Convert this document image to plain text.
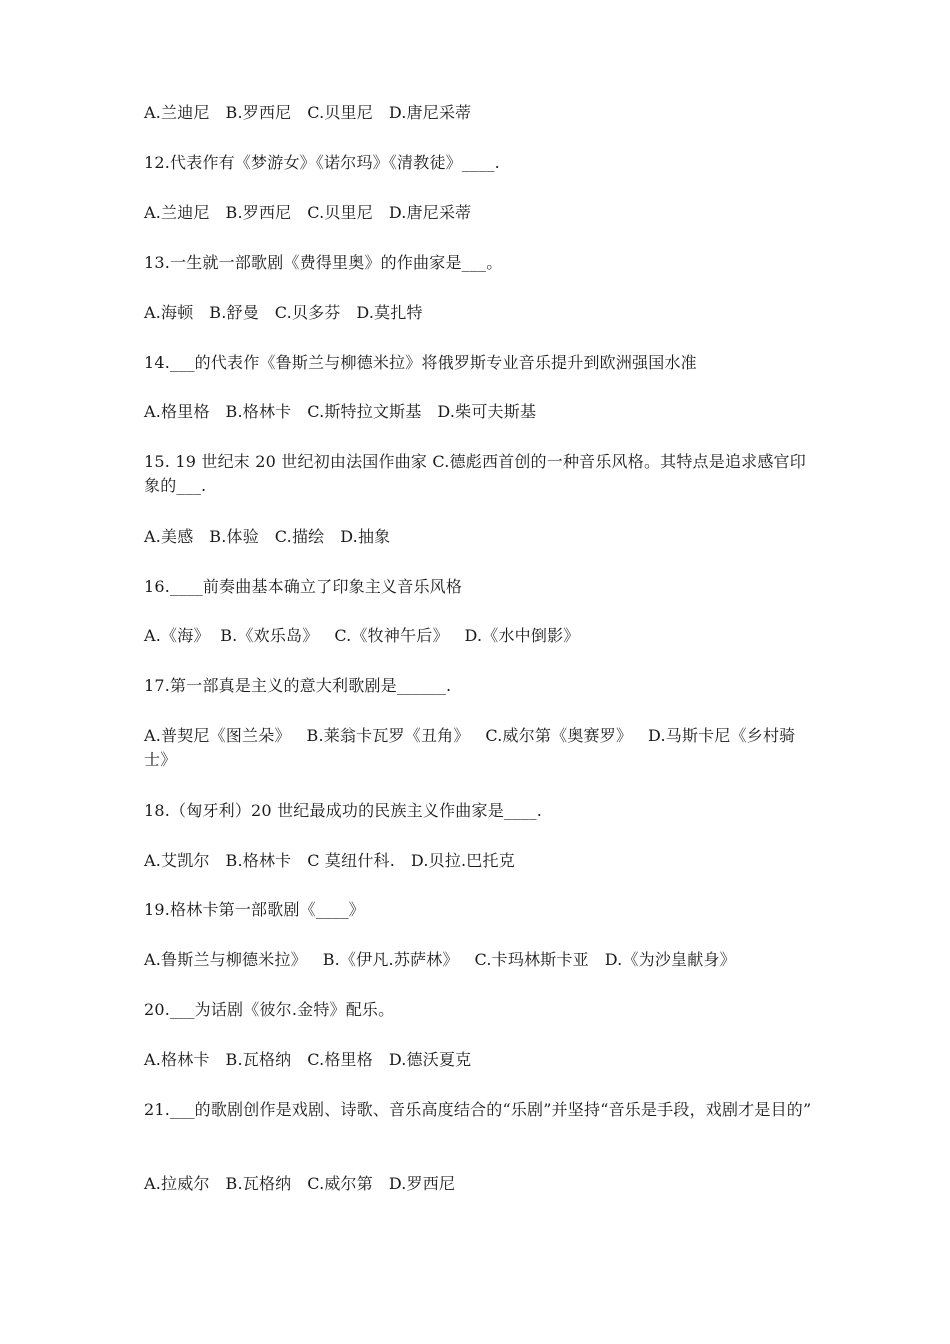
A.兰迪尼   B.罗西尼   C.贝里尼   D.唐尼采蒂
12.代表作有《梦游女》《诺尔玛》《清教徒》____.
A.兰迪尼   B.罗西尼   C.贝里尼   D.唐尼采蒂
13.一生就一部歌剧《费得里奥》的作曲家是___。
A.海顿   B.舒曼   C.贝多芬   D.莫扎特
14.___的代表作《鲁斯兰与柳德米拉》将俄罗斯专业音乐提升到欧洲强国水准
A.格里格   B.格林卡   C.斯特拉文斯基   D.柴可夫斯基
15. 19 世纪末 20 世纪初由法国作曲家 C.德彪西首创的一种音乐风格。其特点是追求感官印象的___.
A.美感   B.体验   C.描绘   D.抽象
16.____前奏曲基本确立了印象主义音乐风格
A.《海》  B.《欢乐岛》   C.《牧神午后》   D.《水中倒影》
17.第一部真是主义的意大利歌剧是______.
A.普契尼《图兰朵》   B.莱翁卡瓦罗《丑角》   C.威尔第《奥赛罗》   D.马斯卡尼《乡村骑士》
18.（匈牙利）20 世纪最成功的民族主义作曲家是____.
A.艾凯尔   B.格林卡   C 莫纽什科.   D.贝拉.巴托克
19.格林卡第一部歌剧《____》
A.鲁斯兰与柳德米拉》   B.《伊凡.苏萨林》   C.卡玛林斯卡亚   D.《为沙皇献身》
20.___为话剧《彼尔.金特》配乐。
A.格林卡   B.瓦格纳   C.格里格   D.德沃夏克
21.___的歌剧创作是戏剧、诗歌、音乐高度结合的“乐剧”并坚持“音乐是手段，戏剧才是目的”
A.拉威尔   B.瓦格纳   C.威尔第   D.罗西尼
